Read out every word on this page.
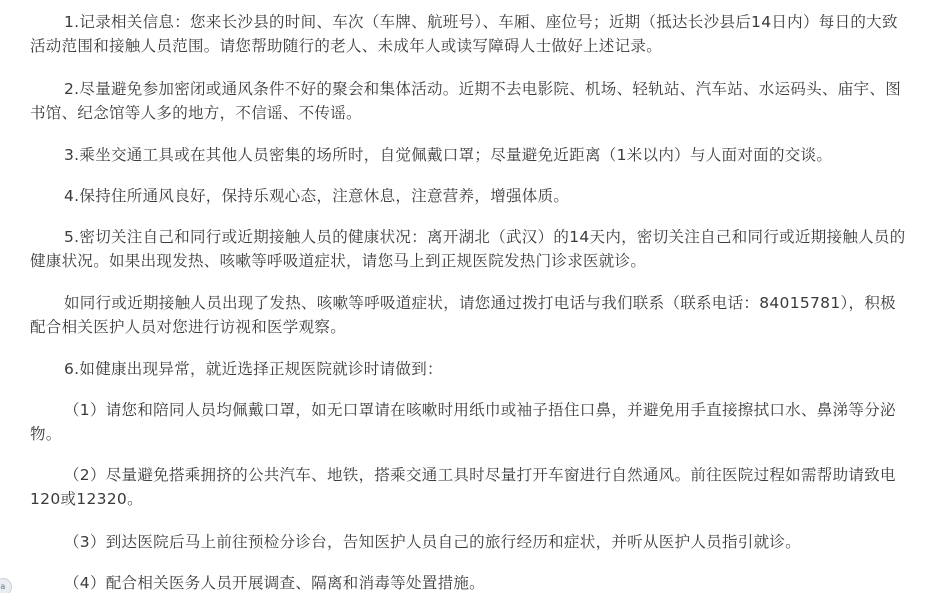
1.记录相关信息：您来长沙县的时间、车次（车牌、航班号）、车厢、座位号；近期（抵达长沙县后14日内）每日的大致活动范围和接触人员范围。请您帮助随行的老人、未成年人或读写障碍人士做好上述记录。

2.尽量避免参加密闭或通风条件不好的聚会和集体活动。近期不去电影院、机场、轻轨站、汽车站、水运码头、庙宇、图书馆、纪念馆等人多的地方，不信谣、不传谣。

3.乘坐交通工具或在其他人员密集的场所时，自觉佩戴口罩；尽量避免近距离（1米以内）与人面对面的交谈。

4.保持住所通风良好，保持乐观心态，注意休息，注意营养，增强体质。

5.密切关注自己和同行或近期接触人员的健康状况：离开湖北（武汉）的14天内，密切关注自己和同行或近期接触人员的健康状况。如果出现发热、咳嗽等呼吸道症状，请您马上到正规医院发热门诊求医就诊。

如同行或近期接触人员出现了发热、咳嗽等呼吸道症状，请您通过拨打电话与我们联系（联系电话：84015781），积极配合相关医护人员对您进行访视和医学观察。

6.如健康出现异常，就近选择正规医院就诊时请做到：

（1）请您和陪同人员均佩戴口罩，如无口罩请在咳嗽时用纸巾或袖子捂住口鼻，并避免用手直接擦拭口水、鼻涕等分泌物。

（2）尽量避免搭乘拥挤的公共汽车、地铁，搭乘交通工具时尽量打开车窗进行自然通风。前往医院过程如需帮助请致电120或12320。

（3）到达医院后马上前往预检分诊台，告知医护人员自己的旅行经历和症状，并听从医护人员指引就诊。

（4）配合相关医务人员开展调查、隔离和消毒等处置措施。

a
